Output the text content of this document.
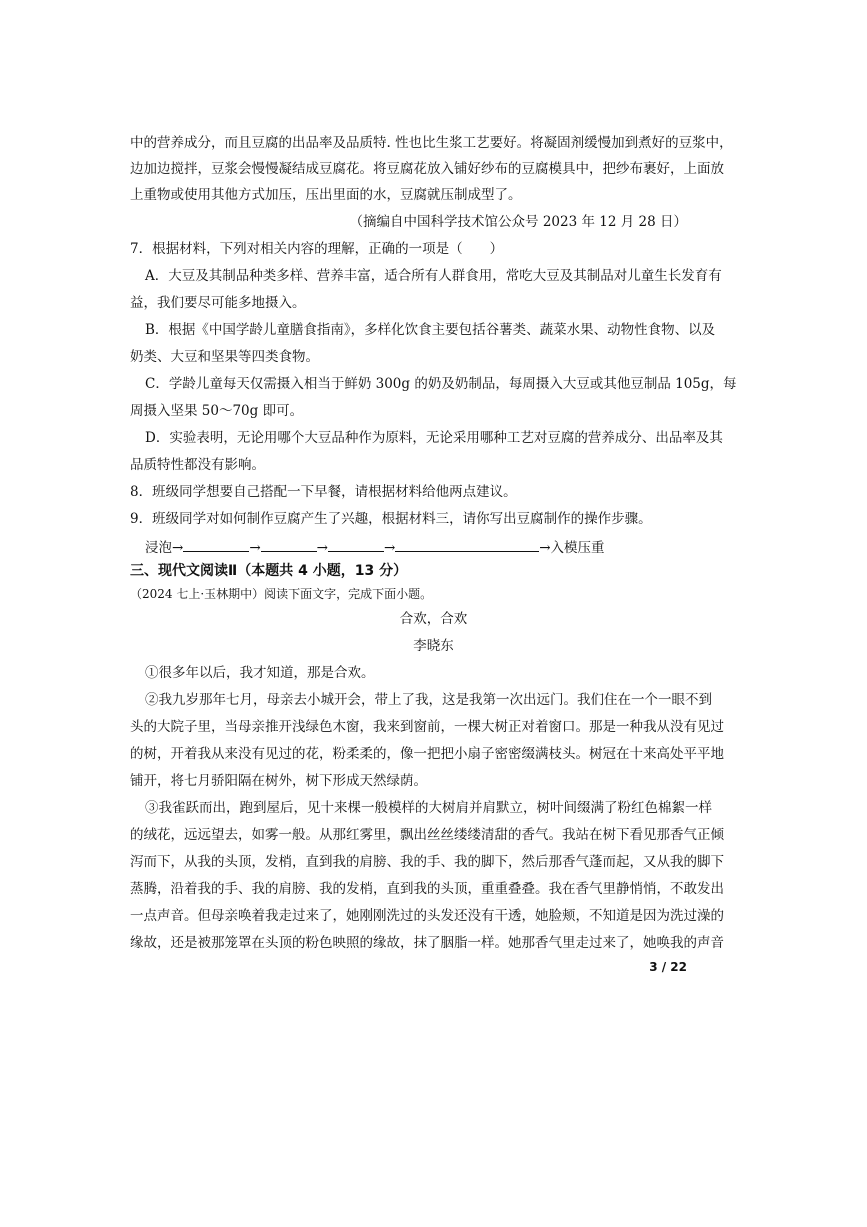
中的营养成分，而且豆腐的出品率及品质特. 性也比生浆工艺要好。将凝固剂缓慢加到煮好的豆浆中，
边加边搅拌，豆浆会慢慢凝结成豆腐花。将豆腐花放入铺好纱布的豆腐模具中，把纱布裹好，上面放
上重物或使用其他方式加压，压出里面的水，豆腐就压制成型了。
（摘编自中国科学技术馆公众号 2023 年 12 月 28 日）
7．根据材料，下列对相关内容的理解，正确的一项是（　　）
A．大豆及其制品种类多样、营养丰富，适合所有人群食用，常吃大豆及其制品对儿童生长发育有
益，我们要尽可能多地摄入。
B．根据《中国学龄儿童膳食指南》，多样化饮食主要包括谷薯类、蔬菜水果、动物性食物、以及
奶类、大豆和坚果等四类食物。
C．学龄儿童每天仅需摄入相当于鲜奶 300g 的奶及奶制品，每周摄入大豆或其他豆制品 105g，每
周摄入坚果 50～70g 即可。
D．实验表明，无论用哪个大豆品种作为原料，无论采用哪种工艺对豆腐的营养成分、出品率及其
品质特性都没有影响。
8．班级同学想要自己搭配一下早餐，请根据材料给他两点建议。
9．班级同学对如何制作豆腐产生了兴趣，根据材料三，请你写出豆腐制作的操作步骤。
浸泡→	→	→	→	→入模压重
三、现代文阅读Ⅱ（本题共 4 小题，13 分）
（2024 七上·玉林期中）阅读下面文字，完成下面小题。
合欢，合欢
李晓东
①很多年以后，我才知道，那是合欢。
②我九岁那年七月，母亲去小城开会，带上了我，这是我第一次出远门。我们住在一个一眼不到
头的大院子里，当母亲推开浅绿色木窗，我来到窗前，一棵大树正对着窗口。那是一种我从没有见过
的树，开着我从来没有见过的花，粉柔柔的，像一把把小扇子密密缀满枝头。树冠在十来高处平平地
铺开，将七月骄阳隔在树外，树下形成天然绿荫。
③我雀跃而出，跑到屋后，见十来棵一般模样的大树肩并肩默立，树叶间缀满了粉红色棉絮一样
的绒花，远远望去，如雾一般。从那红雾里，飘出丝丝缕缕清甜的香气。我站在树下看见那香气正倾
泻而下，从我的头顶，发梢，直到我的肩膀、我的手、我的脚下，然后那香气蓬而起，又从我的脚下
蒸腾，沿着我的手、我的肩膀、我的发梢，直到我的头顶，重重叠叠。我在香气里静悄悄，不敢发出
一点声音。但母亲唤着我走过来了，她刚刚洗过的头发还没有干透，她脸颊，不知道是因为洗过澡的
缘故，还是被那笼罩在头顶的粉色映照的缘故，抹了胭脂一样。她那香气里走过来了，她唤我的声音
3 / 22
